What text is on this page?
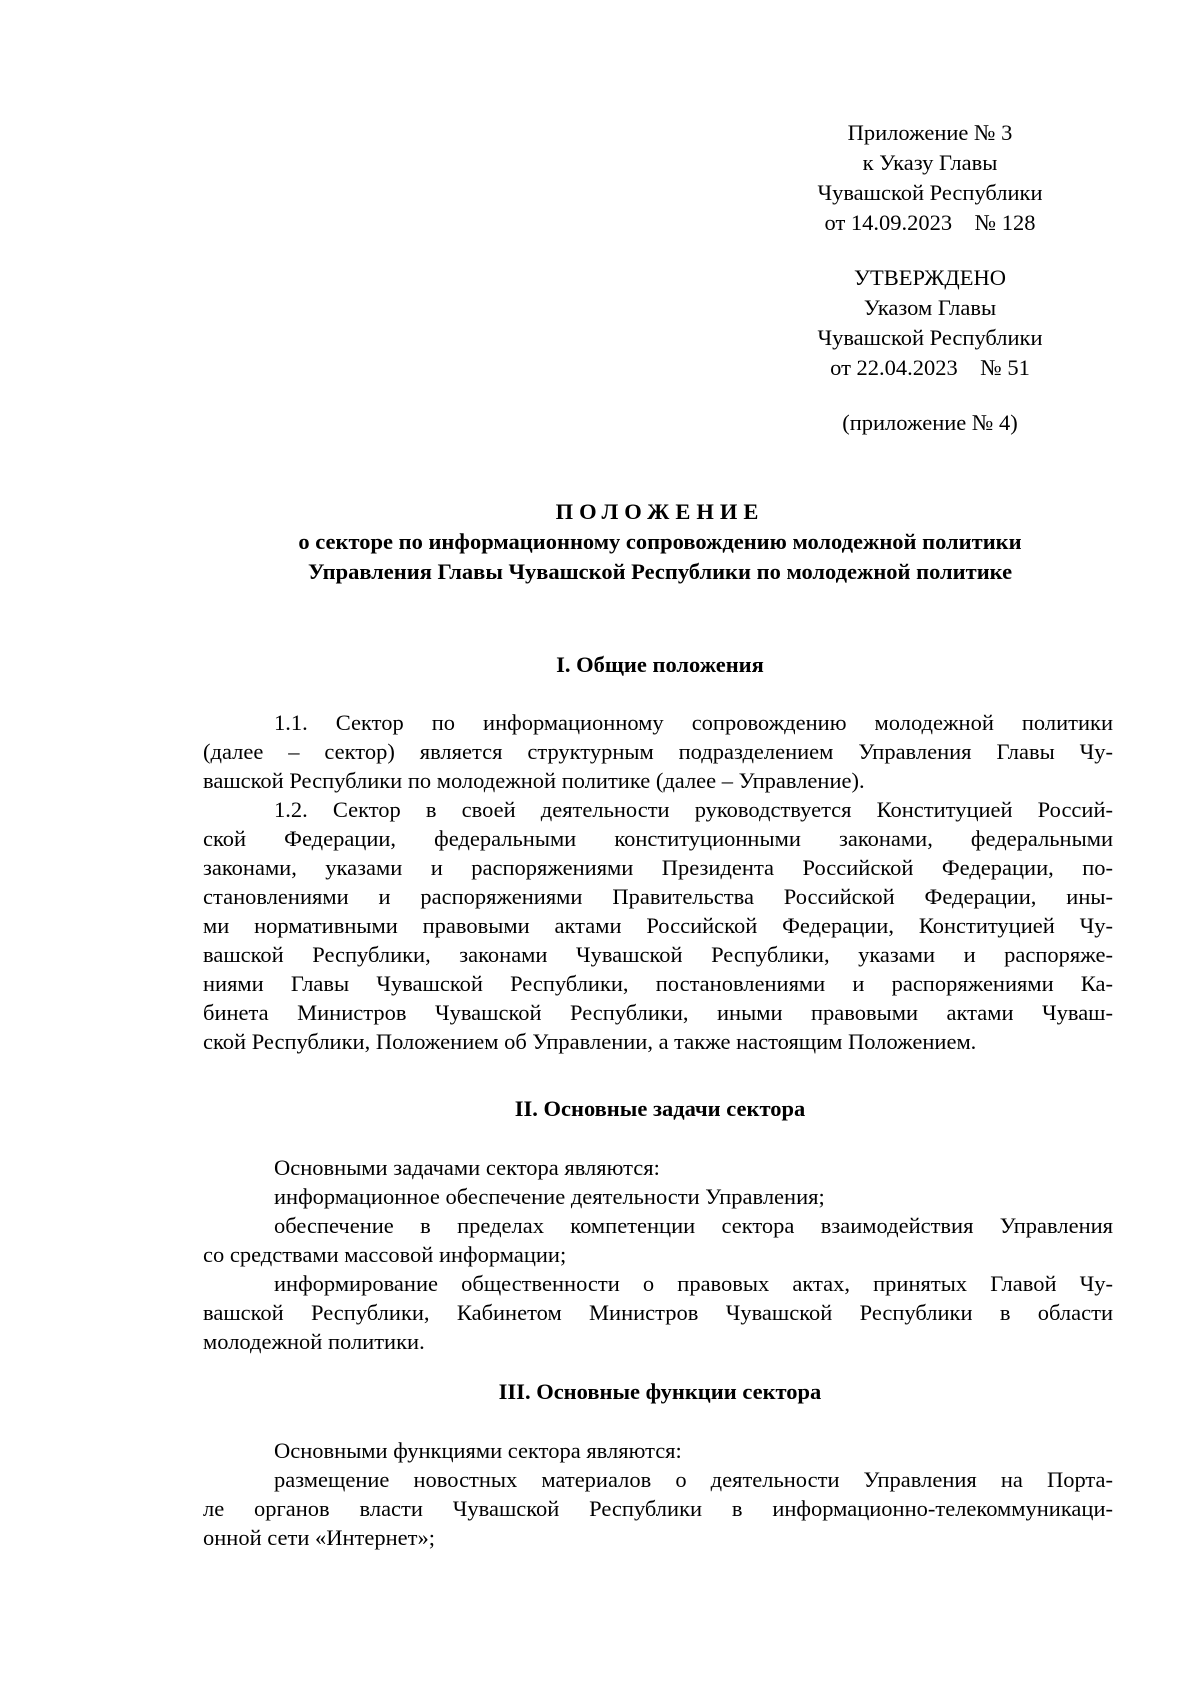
Приложение № 3
к Указу Главы
Чувашской Республики
от 14.09.2023    № 128
УТВЕРЖДЕНО
Указом Главы
Чувашской Республики
от 22.04.2023    № 51
(приложение № 4)
ПОЛОЖЕНИЕ
о секторе по информационному сопровождению молодежной политики
Управления Главы Чувашской Республики по молодежной политике
I. Общие положения
1.1. Сектор по информационному сопровождению молодежной политики
(далее – сектор) является структурным подразделением Управления Главы Чу-
вашской Республики по молодежной политике (далее – Управление).
1.2. Сектор в своей деятельности руководствуется Конституцией Россий-
ской Федерации, федеральными конституционными законами, федеральными
законами, указами и распоряжениями Президента Российской Федерации, по-
становлениями и распоряжениями Правительства Российской Федерации, ины-
ми нормативными правовыми актами Российской Федерации, Конституцией Чу-
вашской Республики, законами Чувашской Республики, указами и распоряже-
ниями Главы Чувашской Республики, постановлениями и распоряжениями Ка-
бинета Министров Чувашской Республики, иными правовыми актами Чуваш-
ской Республики, Положением об Управлении, а также настоящим Положением.
II. Основные задачи сектора
Основными задачами сектора являются:
информационное обеспечение деятельности Управления;
обеспечение в пределах компетенции сектора взаимодействия Управления
со средствами массовой информации;
информирование общественности о правовых актах, принятых Главой Чу-
вашской Республики, Кабинетом Министров Чувашской Республики в области
молодежной политики.
III. Основные функции сектора
Основными функциями сектора являются:
размещение новостных материалов о деятельности Управления на Порта-
ле органов власти Чувашской Республики в информационно-телекоммуникаци-
онной сети «Интернет»;
